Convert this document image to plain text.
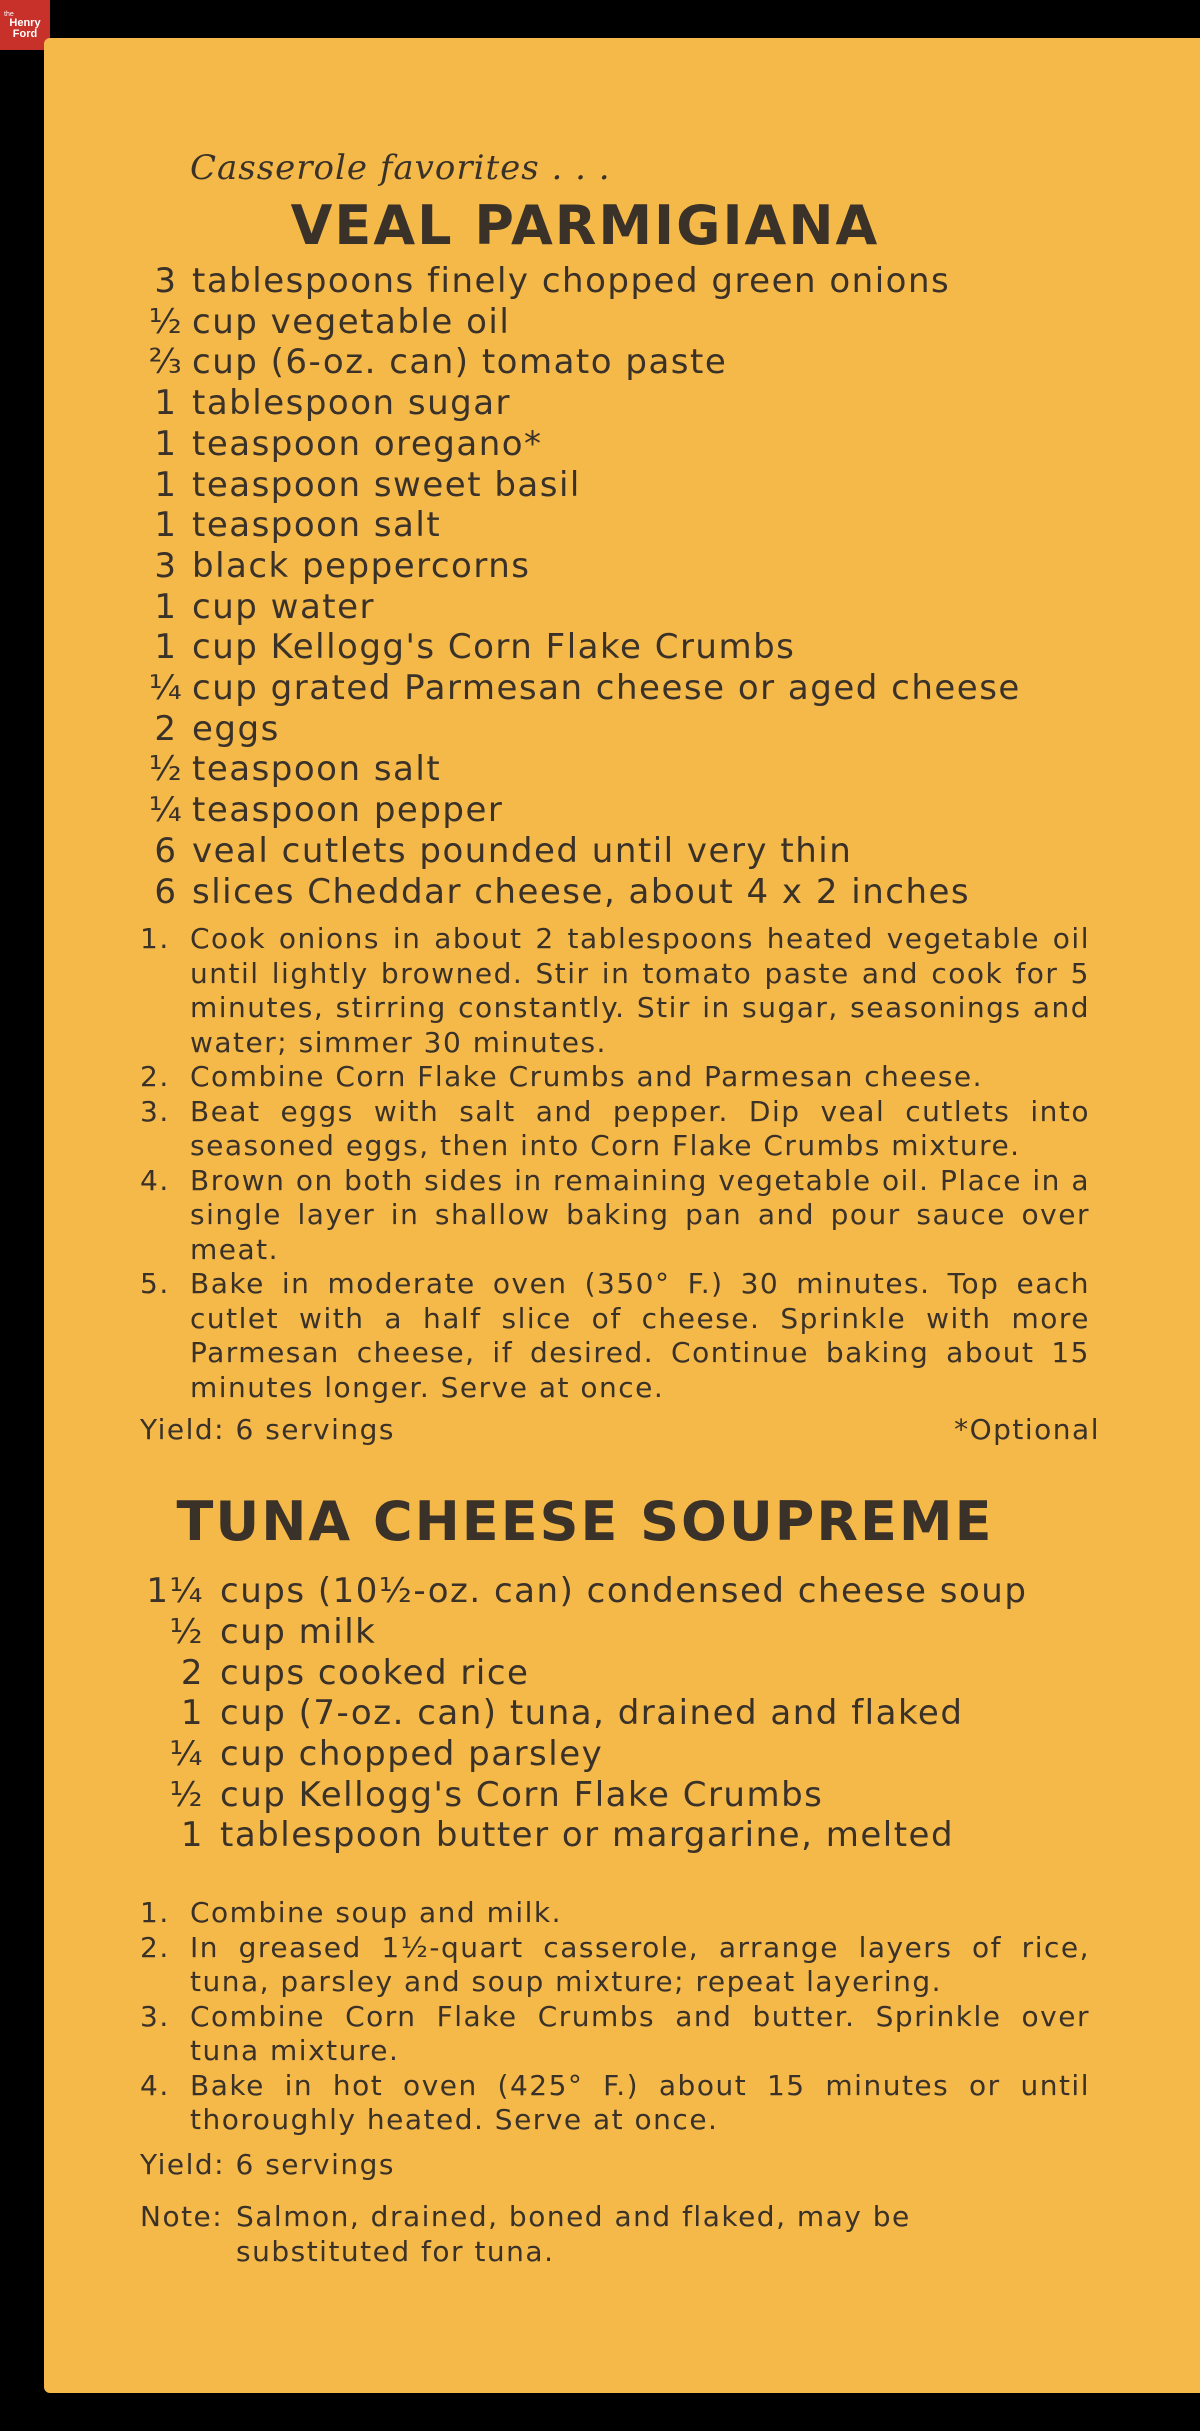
the
Henry
Ford
Casserole favorites . . .
VEAL PARMIGIANA
3 tablespoons finely chopped green onions
½ cup vegetable oil
⅔ cup (6-oz. can) tomato paste
1 tablespoon sugar
1 teaspoon oregano*
1 teaspoon sweet basil
1 teaspoon salt
3 black peppercorns
1 cup water
1 cup Kellogg's Corn Flake Crumbs
¼ cup grated Parmesan cheese or aged cheese
2 eggs
½ teaspoon salt
¼ teaspoon pepper
6 veal cutlets pounded until very thin
6 slices Cheddar cheese, about 4 x 2 inches
1. Cook onions in about 2 tablespoons heated vegetable oil until lightly browned. Stir in tomato paste and cook for 5 minutes, stirring constantly. Stir in sugar, seasonings and water; simmer 30 minutes.
2. Combine Corn Flake Crumbs and Parmesan cheese.
3. Beat eggs with salt and pepper. Dip veal cutlets into seasoned eggs, then into Corn Flake Crumbs mixture.
4. Brown on both sides in remaining vegetable oil. Place in a single layer in shallow baking pan and pour sauce over meat.
5. Bake in moderate oven (350° F.) 30 minutes. Top each cutlet with a half slice of cheese. Sprinkle with more Parmesan cheese, if desired. Continue baking about 15 minutes longer. Serve at once.
Yield: 6 servings	*Optional
TUNA CHEESE SOUPREME
1¼ cups (10½-oz. can) condensed cheese soup
½ cup milk
2 cups cooked rice
1 cup (7-oz. can) tuna, drained and flaked
¼ cup chopped parsley
½ cup Kellogg's Corn Flake Crumbs
1 tablespoon butter or margarine, melted
1. Combine soup and milk.
2. In greased 1½-quart casserole, arrange layers of rice, tuna, parsley and soup mixture; repeat layering.
3. Combine Corn Flake Crumbs and butter. Sprinkle over tuna mixture.
4. Bake in hot oven (425° F.) about 15 minutes or until thoroughly heated. Serve at once.
Yield: 6 servings
Note: Salmon, drained, boned and flaked, may be substituted for tuna.
